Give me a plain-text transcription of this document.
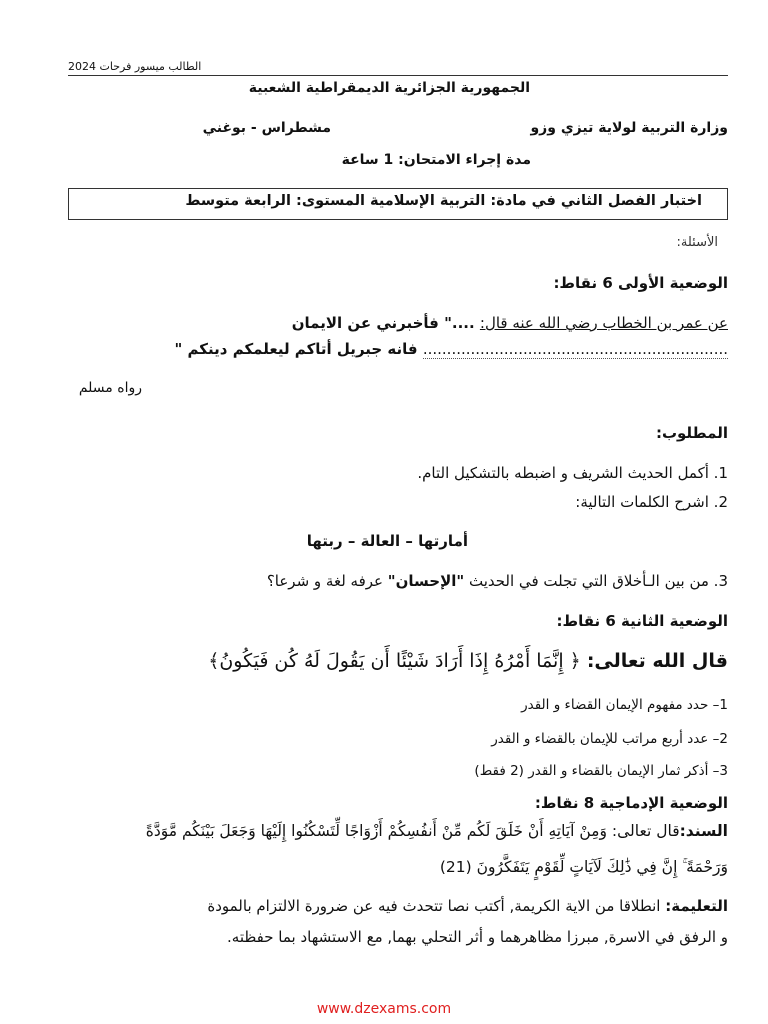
الطالب ميسور فرحات 2024
الجمهورية الجزائرية الديمقراطية الشعبية
وزارة التربية لولاية تيزي وزو
مشطراس - بوغني
مدة إجراء الامتحان: 1 ساعة
اختبار الفصل الثاني في مادة: التربية الإسلامية المستوى: الرابعة متوسط
الأسئلة:
الوضعية الأولى 6 نقاط:
عن عمر بن الخطاب رضي الله عنه قال: ...." فأخبرني عن الايمان
................................................................ فانه جبريل أتاكم ليعلمكم دينكم "
رواه مسلم
المطلوب:
1. أكمل الحديث الشريف و اضبطه بالتشكيل التام.
2. اشرح الكلمات التالية:
أمارتها – العالة – ربتها
3. من بين الـأخلاق التي تجلت في الحديث "الإحسان" عرفه لغة و شرعا؟
الوضعية الثانية 6 نقاط:
قال الله تعالى: ﴿ إِنَّمَا أَمْرُهُ إِذَا أَرَادَ شَيْئًا أَن يَقُولَ لَهُ كُن فَيَكُونُ﴾
1– حدد مفهوم الإيمان القضاء و القدر
2– عدد أربع مراتب للإيمان بالقضاء و القدر
3– أذكر ثمار الإيمان بالقضاء و القدر (2 فقط)
الوضعية الإدماجية 8 نقاط:
السند:قال تعالى: وَمِنْ آيَاتِهِ أَنْ خَلَقَ لَكُم مِّنْ أَنفُسِكُمْ أَزْوَاجًا لِّتَسْكُنُوا إِلَيْهَا وَجَعَلَ بَيْنَكُم مَّوَدَّةً
وَرَحْمَةً ۚ إِنَّ فِي ذَٰلِكَ لَآيَاتٍ لِّقَوْمٍ يَتَفَكَّرُونَ (21)
التعليمة: انطلاقا من الاية الكريمة, أكتب نصا تتحدث فيه عن ضرورة الالتزام بالمودة
و الرفق في الاسرة, مبرزا مظاهرهما و أثر التحلي بهما, مع الاستشهاد بما حفظته.
www.dzexams.com
